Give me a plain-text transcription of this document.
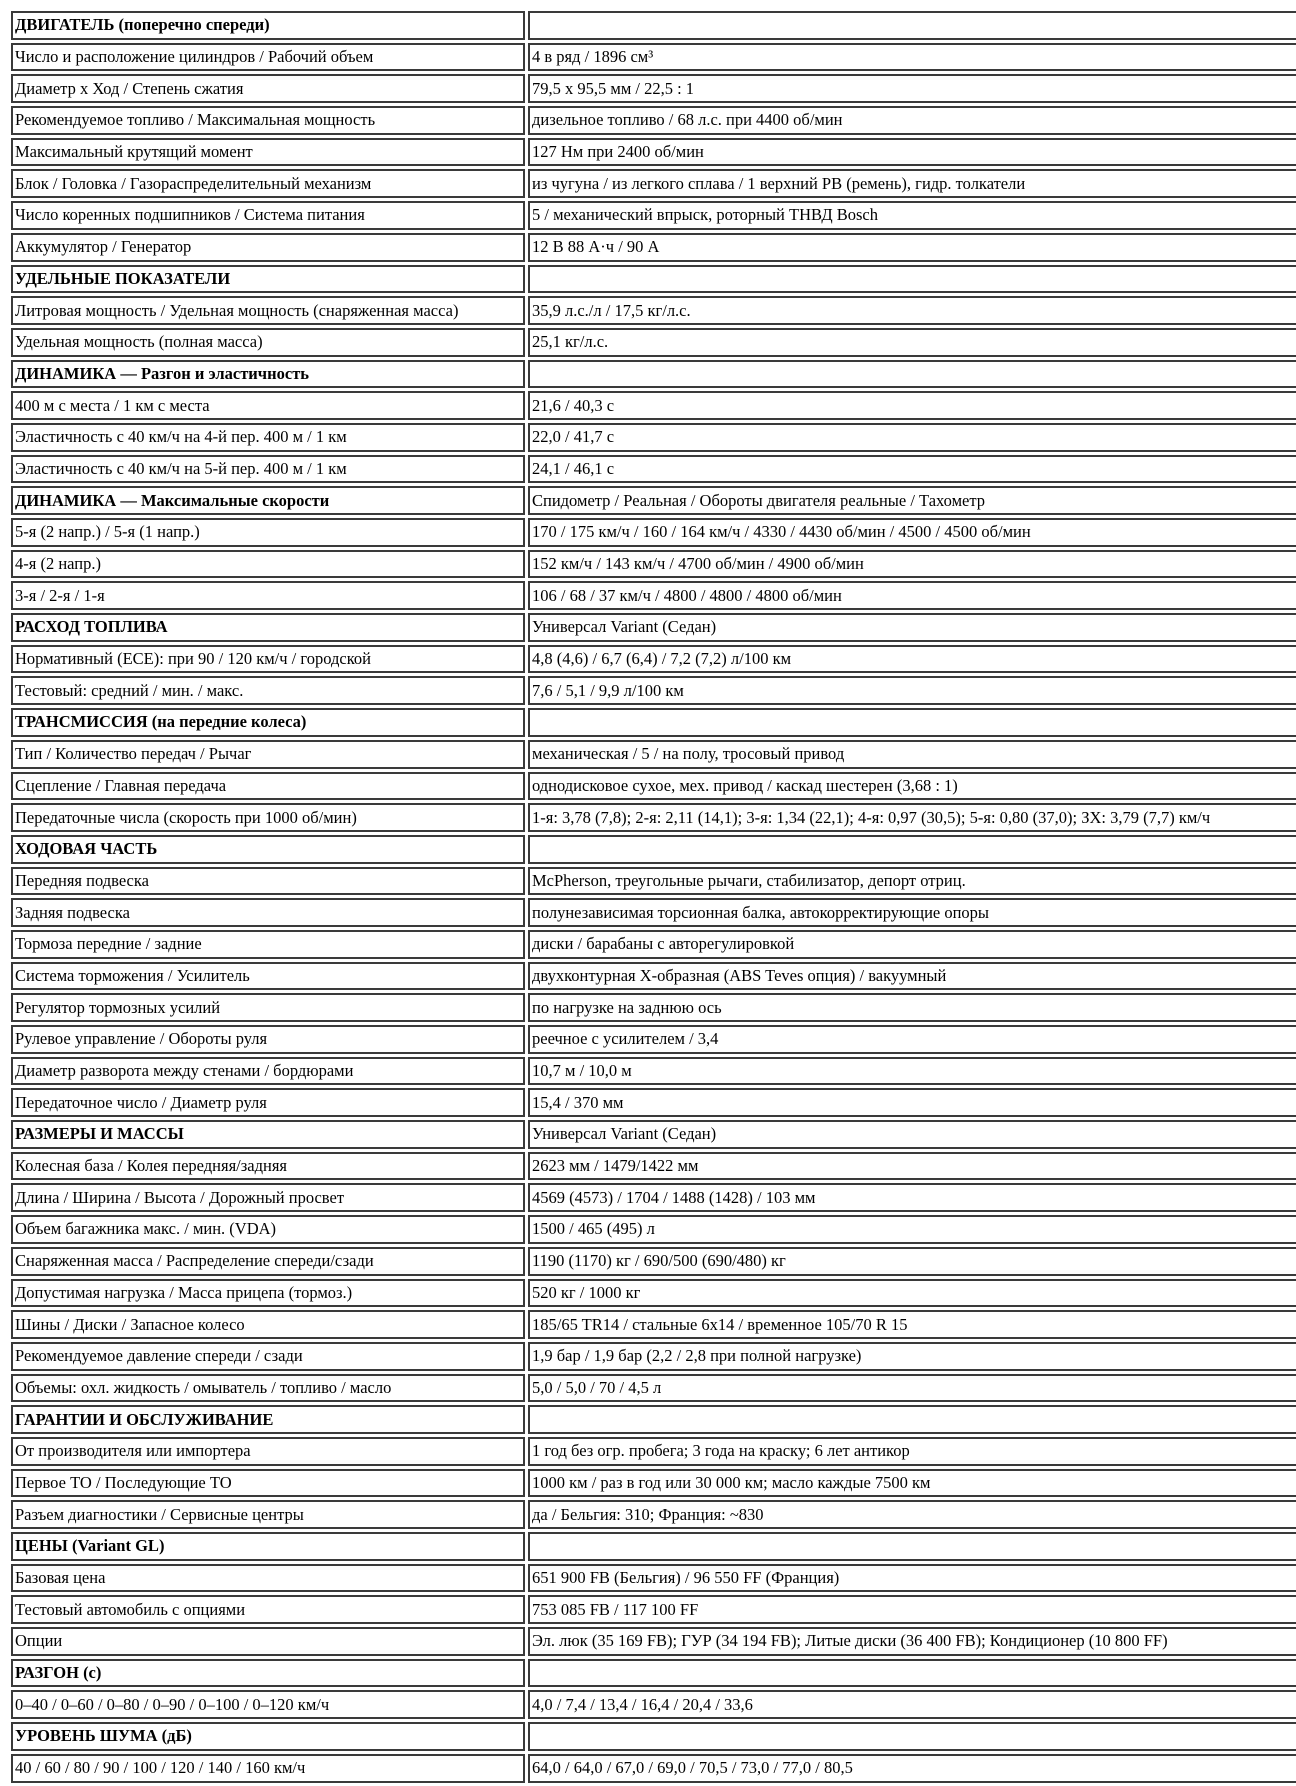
ДВИГАТЕЛЬ (поперечно спереди)	
Число и расположение цилиндров / Рабочий объем	4 в ряд / 1896 см³
Диаметр х Ход / Степень сжатия	79,5 х 95,5 мм / 22,5 : 1
Рекомендуемое топливо / Максимальная мощность	дизельное топливо / 68 л.с. при 4400 об/мин
Максимальный крутящий момент	127 Нм при 2400 об/мин
Блок / Головка / Газораспределительный механизм	из чугуна / из легкого сплава / 1 верхний РВ (ремень), гидр. толкатели
Число коренных подшипников / Система питания	5 / механический впрыск, роторный ТНВД Bosch
Аккумулятор / Генератор	12 В 88 А·ч / 90 А
УДЕЛЬНЫЕ ПОКАЗАТЕЛИ	
Литровая мощность / Удельная мощность (снаряженная масса)	35,9 л.с./л / 17,5 кг/л.с.
Удельная мощность (полная масса)	25,1 кг/л.с.
ДИНАМИКА — Разгон и эластичность	
400 м с места / 1 км с места	21,6 / 40,3 с
Эластичность с 40 км/ч на 4-й пер. 400 м / 1 км	22,0 / 41,7 с
Эластичность с 40 км/ч на 5-й пер. 400 м / 1 км	24,1 / 46,1 с
ДИНАМИКА — Максимальные скорости	Спидометр / Реальная / Обороты двигателя реальные / Тахометр
5-я (2 напр.) / 5-я (1 напр.)	170 / 175 км/ч / 160 / 164 км/ч / 4330 / 4430 об/мин / 4500 / 4500 об/мин
4-я (2 напр.)	152 км/ч / 143 км/ч / 4700 об/мин / 4900 об/мин
3-я / 2-я / 1-я	106 / 68 / 37 км/ч / 4800 / 4800 / 4800 об/мин
РАСХОД ТОПЛИВА	Универсал Variant (Седан)
Нормативный (ECE): при 90 / 120 км/ч / городской	4,8 (4,6) / 6,7 (6,4) / 7,2 (7,2) л/100 км
Тестовый: средний / мин. / макс.	7,6 / 5,1 / 9,9 л/100 км
ТРАНСМИССИЯ (на передние колеса)	
Тип / Количество передач / Рычаг	механическая / 5 / на полу, тросовый привод
Сцепление / Главная передача	однодисковое сухое, мех. привод / каскад шестерен (3,68 : 1)
Передаточные числа (скорость при 1000 об/мин)	1-я: 3,78 (7,8); 2-я: 2,11 (14,1); 3-я: 1,34 (22,1); 4-я: 0,97 (30,5); 5-я: 0,80 (37,0); ЗХ: 3,79 (7,7) км/ч
ХОДОВАЯ ЧАСТЬ	
Передняя подвеска	McPherson, треугольные рычаги, стабилизатор, депорт отриц.
Задняя подвеска	полунезависимая торсионная балка, автокорректирующие опоры
Тормоза передние / задние	диски / барабаны с авторегулировкой
Система торможения / Усилитель	двухконтурная X-образная (ABS Teves опция) / вакуумный
Регулятор тормозных усилий	по нагрузке на заднюю ось
Рулевое управление / Обороты руля	реечное с усилителем / 3,4
Диаметр разворота между стенами / бордюрами	10,7 м / 10,0 м
Передаточное число / Диаметр руля	15,4 / 370 мм
РАЗМЕРЫ И МАССЫ	Универсал Variant (Седан)
Колесная база / Колея передняя/задняя	2623 мм / 1479/1422 мм
Длина / Ширина / Высота / Дорожный просвет	4569 (4573) / 1704 / 1488 (1428) / 103 мм
Объем багажника макс. / мин. (VDA)	1500 / 465 (495) л
Снаряженная масса / Распределение спереди/сзади	1190 (1170) кг / 690/500 (690/480) кг
Допустимая нагрузка / Масса прицепа (тормоз.)	520 кг / 1000 кг
Шины / Диски / Запасное колесо	185/65 TR14 / стальные 6x14 / временное 105/70 R 15
Рекомендуемое давление спереди / сзади	1,9 бар / 1,9 бар (2,2 / 2,8 при полной нагрузке)
Объемы: охл. жидкость / омыватель / топливо / масло	5,0 / 5,0 / 70 / 4,5 л
ГАРАНТИИ И ОБСЛУЖИВАНИЕ	
От производителя или импортера	1 год без огр. пробега; 3 года на краску; 6 лет антикор
Первое ТО / Последующие ТО	1000 км / раз в год или 30 000 км; масло каждые 7500 км
Разъем диагностики / Сервисные центры	да / Бельгия: 310; Франция: ~830
ЦЕНЫ (Variant GL)	
Базовая цена	651 900 FB (Бельгия) / 96 550 FF (Франция)
Тестовый автомобиль с опциями	753 085 FB / 117 100 FF
Опции	Эл. люк (35 169 FB); ГУР (34 194 FB); Литые диски (36 400 FB); Кондиционер (10 800 FF)
РАЗГОН (с)	
0–40 / 0–60 / 0–80 / 0–90 / 0–100 / 0–120 км/ч	4,0 / 7,4 / 13,4 / 16,4 / 20,4 / 33,6
УРОВЕНЬ ШУМА (дБ)	
40 / 60 / 80 / 90 / 100 / 120 / 140 / 160 км/ч	64,0 / 64,0 / 67,0 / 69,0 / 70,5 / 73,0 / 77,0 / 80,5
